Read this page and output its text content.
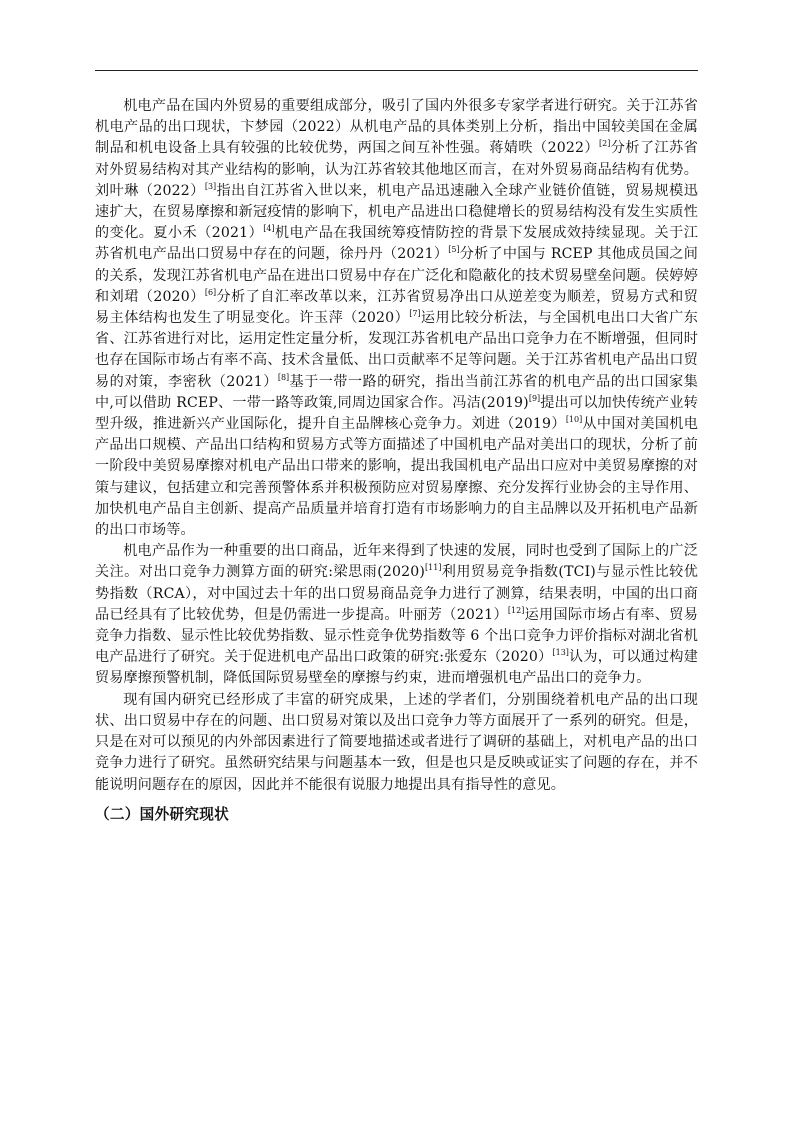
机电产品在国内外贸易的重要组成部分，吸引了国内外很多专家学者进行研究。关于江苏省机电产品的出口现状，卞梦园（2022）从机电产品的具体类别上分析，指出中国较美国在金属制品和机电设备上具有较强的比较优势，两国之间互补性强。蒋婧昳（2022）[2]分析了江苏省对外贸易结构对其产业结构的影响，认为江苏省较其他地区而言，在对外贸易商品结构有优势。刘叶琳（2022）[3]指出自江苏省入世以来，机电产品迅速融入全球产业链价值链，贸易规模迅速扩大，在贸易摩擦和新冠疫情的影响下，机电产品进出口稳健增长的贸易结构没有发生实质性的变化。夏小禾（2021）[4]机电产品在我国统筹疫情防控的背景下发展成效持续显现。关于江苏省机电产品出口贸易中存在的问题，徐丹丹（2021）[5]分析了中国与 RCEP 其他成员国之间的关系，发现江苏省机电产品在进出口贸易中存在广泛化和隐蔽化的技术贸易壁垒问题。侯婷婷和刘珺（2020）[6]分析了自汇率改革以来，江苏省贸易净出口从逆差变为顺差，贸易方式和贸易主体结构也发生了明显变化。许玉萍（2020）[7]运用比较分析法，与全国机电出口大省广东省、江苏省进行对比，运用定性定量分析，发现江苏省机电产品出口竞争力在不断增强，但同时也存在国际市场占有率不高、技术含量低、出口贡献率不足等问题。关于江苏省机电产品出口贸易的对策，李密秋（2021）[8]基于一带一路的研究，指出当前江苏省的机电产品的出口国家集中,可以借助 RCEP、一带一路等政策,同周边国家合作。冯洁(2019)[9]提出可以加快传统产业转型升级，推进新兴产业国际化，提升自主品牌核心竞争力。刘进（2019）[10]从中国对美国机电产品出口规模、产品出口结构和贸易方式等方面描述了中国机电产品对美出口的现状，分析了前一阶段中美贸易摩擦对机电产品出口带来的影响，提出我国机电产品出口应对中美贸易摩擦的对策与建议，包括建立和完善预警体系并积极预防应对贸易摩擦、充分发挥行业协会的主导作用、加快机电产品自主创新、提高产品质量并培育打造有市场影响力的自主品牌以及开拓机电产品新的出口市场等。

机电产品作为一种重要的出口商品，近年来得到了快速的发展，同时也受到了国际上的广泛关注。对出口竞争力测算方面的研究:梁思雨(2020)[11]利用贸易竞争指数(TCI)与显示性比较优势指数（RCA），对中国过去十年的出口贸易商品竞争力进行了测算，结果表明，中国的出口商品已经具有了比较优势，但是仍需进一步提高。叶丽芳（2021）[12]运用国际市场占有率、贸易竞争力指数、显示性比较优势指数、显示性竞争优势指数等 6 个出口竞争力评价指标对湖北省机电产品进行了研究。关于促进机电产品出口政策的研究:张爱东（2020）[13]认为，可以通过构建贸易摩擦预警机制，降低国际贸易壁垒的摩擦与约束，进而增强机电产品出口的竞争力。

现有国内研究已经形成了丰富的研究成果，上述的学者们，分别围绕着机电产品的出口现状、出口贸易中存在的问题、出口贸易对策以及出口竞争力等方面展开了一系列的研究。但是，只是在对可以预见的内外部因素进行了简要地描述或者进行了调研的基础上，对机电产品的出口竞争力进行了研究。虽然研究结果与问题基本一致，但是也只是反映或证实了问题的存在，并不能说明问题存在的原因，因此并不能很有说服力地提出具有指导性的意见。

（二）国外研究现状
